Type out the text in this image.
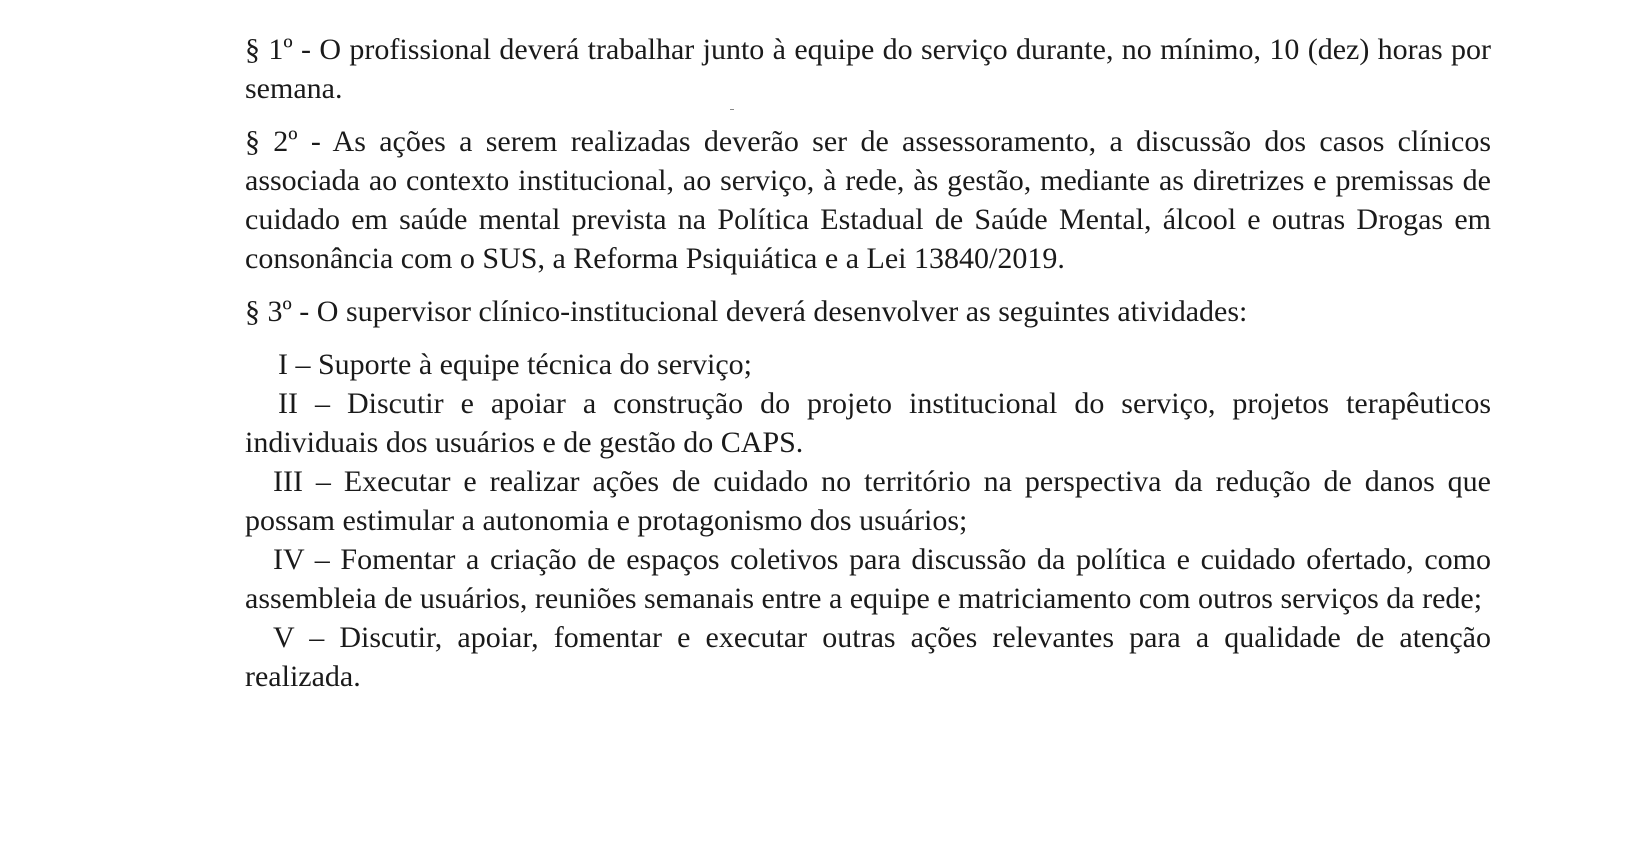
§ 1º - O profissional deverá trabalhar junto à equipe do serviço durante, no mínimo, 10 (dez) horas por semana.

§ 2º - As ações a serem realizadas deverão ser de assessoramento, a discussão dos casos clínicos associada ao contexto institucional, ao serviço, à rede, às gestão, mediante as diretrizes e premissas de cuidado em saúde mental prevista na Política Estadual de Saúde Mental, álcool e outras Drogas em consonância com o SUS, a Reforma Psiquiática e a Lei 13840/2019.

§ 3º - O supervisor clínico-institucional deverá desenvolver as seguintes atividades:

I – Suporte à equipe técnica do serviço;

II – Discutir e apoiar a construção do projeto institucional do serviço, projetos terapêuticos individuais dos usuários e de gestão do CAPS.

III – Executar e realizar ações de cuidado no território na perspectiva da redução de danos que possam estimular a autonomia e protagonismo dos usuários;

IV – Fomentar a criação de espaços coletivos para discussão da política e cuidado ofertado, como assembleia de usuários, reuniões semanais entre a equipe e matriciamento com outros serviços da rede;

V – Discutir, apoiar, fomentar e executar outras ações relevantes para a qualidade de atenção realizada.
